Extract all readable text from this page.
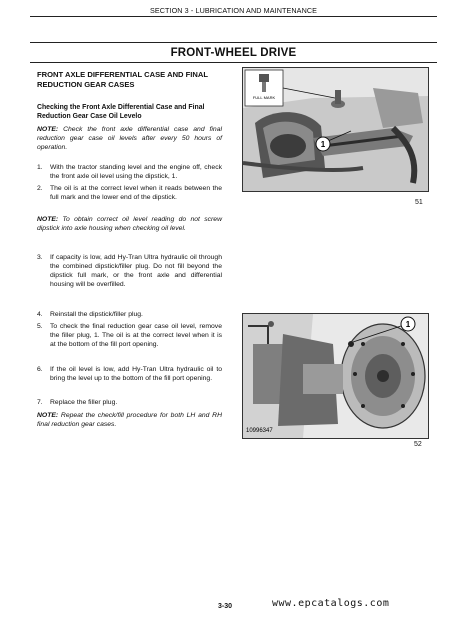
SECTION 3 - LUBRICATION AND MAINTENANCE
FRONT-WHEEL DRIVE
FRONT AXLE DIFFERENTIAL CASE AND FINAL REDUCTION GEAR CASES
Checking the Front Axle Differential Case and Final Reduction Gear Case Oil Levelo
NOTE: Check the front axle differential case and final reduction gear case oil levels after every 50 hours of operation.
1. With the tractor standing level and the engine off, check the front axle oil level using the dipstick, 1.
2. The oil is at the correct level when it reads between the full mark and the lower end of the dipstick.
NOTE: To obtain correct oil level reading do not screw dipstick into axle housing when checking oil level.
3. If capacity is low, add Hy-Tran Ultra hydraulic oil through the combined dipstick/filler plug. Do not fill beyond the dipstick full mark, or the front axle and differential housing will be overfilled.
4. Reinstall the dipstick/filler plug.
5. To check the final reduction gear case oil level, remove the filler plug, 1. The oil is at the correct level when it is at the bottom of the fill port opening.
6. If the oil level is low, add Hy-Tran Ultra hydraulic oil to bring the level up to the bottom of the fill port opening.
7. Replace the filler plug.
NOTE: Repeat the check/fill procedure for both LH and RH final reduction gear cases.
FULL MARK
1
51
1
10996347
52
3-30	www.epcatalogs.com
